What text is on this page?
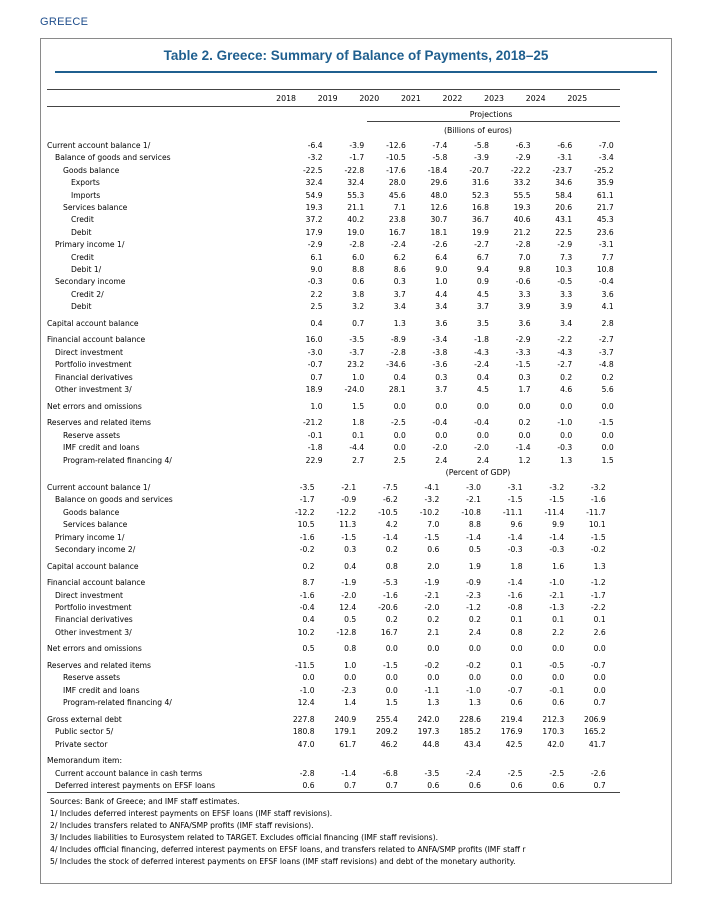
GREECE
Table 2. Greece: Summary of Balance of Payments, 2018–25
2018	2019	2020	2021	2022	2023	2024	2025
Projections
(Billions of euros)
Current account balance 1/	-6.4	-3.9	-12.6	-7.4	-5.8	-6.3	-6.6	-7.0
Balance of goods and services	-3.2	-1.7	-10.5	-5.8	-3.9	-2.9	-3.1	-3.4
Goods balance	-22.5	-22.8	-17.6	-18.4	-20.7	-22.2	-23.7	-25.2
Exports	32.4	32.4	28.0	29.6	31.6	33.2	34.6	35.9
Imports	54.9	55.3	45.6	48.0	52.3	55.5	58.4	61.1
Services balance	19.3	21.1	7.1	12.6	16.8	19.3	20.6	21.7
Credit	37.2	40.2	23.8	30.7	36.7	40.6	43.1	45.3
Debit	17.9	19.0	16.7	18.1	19.9	21.2	22.5	23.6
Primary income 1/	-2.9	-2.8	-2.4	-2.6	-2.7	-2.8	-2.9	-3.1
Credit	6.1	6.0	6.2	6.4	6.7	7.0	7.3	7.7
Debit 1/	9.0	8.8	8.6	9.0	9.4	9.8	10.3	10.8
Secondary income	-0.3	0.6	0.3	1.0	0.9	-0.6	-0.5	-0.4
Credit 2/	2.2	3.8	3.7	4.4	4.5	3.3	3.3	3.6
Debit	2.5	3.2	3.4	3.4	3.7	3.9	3.9	4.1

Capital account balance	0.4	0.7	1.3	3.6	3.5	3.6	3.4	2.8

Financial account balance	16.0	-3.5	-8.9	-3.4	-1.8	-2.9	-2.2	-2.7
Direct investment	-3.0	-3.7	-2.8	-3.8	-4.3	-3.3	-4.3	-3.7
Portfolio investment	-0.7	23.2	-34.6	-3.6	-2.4	-1.5	-2.7	-4.8
Financial derivatives	0.7	1.0	0.4	0.3	0.4	0.3	0.2	0.2
Other investment 3/	18.9	-24.0	28.1	3.7	4.5	1.7	4.6	5.6

Net errors and omissions	1.0	1.5	0.0	0.0	0.0	0.0	0.0	0.0

Reserves and related items	-21.2	1.8	-2.5	-0.4	-0.4	0.2	-1.0	-1.5
Reserve assets	-0.1	0.1	0.0	0.0	0.0	0.0	0.0	0.0
IMF credit and loans	-1.8	-4.4	0.0	-2.0	-2.0	-1.4	-0.3	0.0
Program-related financing 4/	22.9	2.7	2.5	2.4	2.4	1.2	1.3	1.5
(Percent of GDP)
Current account balance 1/	-3.5	-2.1	-7.5	-4.1	-3.0	-3.1	-3.2	-3.2
Balance on goods and services	-1.7	-0.9	-6.2	-3.2	-2.1	-1.5	-1.5	-1.6
Goods balance	-12.2	-12.2	-10.5	-10.2	-10.8	-11.1	-11.4	-11.7
Services balance	10.5	11.3	4.2	7.0	8.8	9.6	9.9	10.1
Primary income 1/	-1.6	-1.5	-1.4	-1.5	-1.4	-1.4	-1.4	-1.5
Secondary income 2/	-0.2	0.3	0.2	0.6	0.5	-0.3	-0.3	-0.2

Capital account balance	0.2	0.4	0.8	2.0	1.9	1.8	1.6	1.3

Financial account balance	8.7	-1.9	-5.3	-1.9	-0.9	-1.4	-1.0	-1.2
Direct investment	-1.6	-2.0	-1.6	-2.1	-2.3	-1.6	-2.1	-1.7
Portfolio investment	-0.4	12.4	-20.6	-2.0	-1.2	-0.8	-1.3	-2.2
Financial derivatives	0.4	0.5	0.2	0.2	0.2	0.1	0.1	0.1
Other investment 3/	10.2	-12.8	16.7	2.1	2.4	0.8	2.2	2.6

Net errors and omissions	0.5	0.8	0.0	0.0	0.0	0.0	0.0	0.0

Reserves and related items	-11.5	1.0	-1.5	-0.2	-0.2	0.1	-0.5	-0.7
Reserve assets	0.0	0.0	0.0	0.0	0.0	0.0	0.0	0.0
IMF credit and loans	-1.0	-2.3	0.0	-1.1	-1.0	-0.7	-0.1	0.0
Program-related financing 4/	12.4	1.4	1.5	1.3	1.3	0.6	0.6	0.7

Gross external debt	227.8	240.9	255.4	242.0	228.6	219.4	212.3	206.9
Public sector 5/	180.8	179.1	209.2	197.3	185.2	176.9	170.3	165.2
Private sector	47.0	61.7	46.2	44.8	43.4	42.5	42.0	41.7

Memorandum item:								
Current account balance in cash terms	-2.8	-1.4	-6.8	-3.5	-2.4	-2.5	-2.5	-2.6
Deferred interest payments on EFSF loans	0.6	0.7	0.7	0.6	0.6	0.6	0.6	0.7
Sources: Bank of Greece; and IMF staff estimates.
1/ Includes deferred interest payments on EFSF loans (IMF staff revisions).
2/ Includes transfers related to ANFA/SMP profits (IMF staff revisions).
3/ Includes liabilities to Eurosystem related to TARGET. Excludes official financing (IMF staff revisions).
4/ Includes official financing, deferred interest payments on EFSF loans, and transfers related to ANFA/SMP profits (IMF staff r
5/ Includes the stock of deferred interest payments on EFSF loans (IMF staff revisions) and debt of the monetary authority.
